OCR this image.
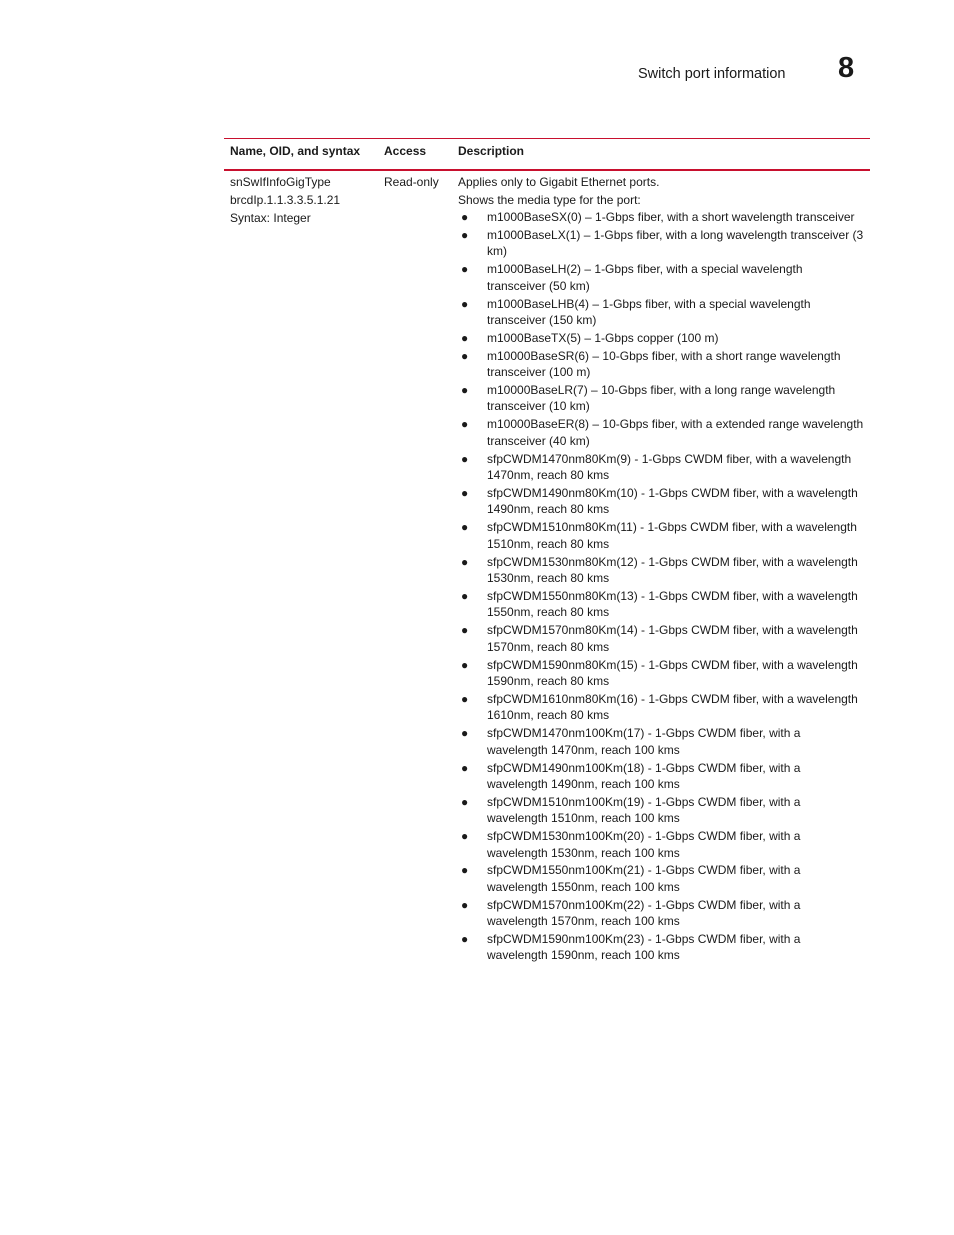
Switch port information 8
Name, OID, and syntax Access	Description
snSwIfInfoGigType
brcdIp.1.1.3.3.5.1.21
Syntax: Integer
Read-only	Applies only to Gigabit Ethernet ports.
Shows the media type for the port:
● m1000BaseSX(0) – 1-Gbps fiber, with a short wavelength transceiver
● m1000BaseLX(1) – 1-Gbps fiber, with a long wavelength transceiver (3 km)
● m1000BaseLH(2) – 1-Gbps fiber, with a special wavelength transceiver (50 km)
● m1000BaseLHB(4) – 1-Gbps fiber, with a special wavelength transceiver (150 km)
● m1000BaseTX(5) – 1-Gbps copper (100 m)
● m10000BaseSR(6) – 10-Gbps fiber, with a short range wavelength transceiver (100 m)
● m10000BaseLR(7) – 10-Gbps fiber, with a long range wavelength transceiver (10 km)
● m10000BaseER(8) – 10-Gbps fiber, with a extended range wavelength transceiver (40 km)
● sfpCWDM1470nm80Km(9) - 1-Gbps CWDM fiber, with a wavelength 1470nm, reach 80 kms
● sfpCWDM1490nm80Km(10) - 1-Gbps CWDM fiber, with a wavelength 1490nm, reach 80 kms
● sfpCWDM1510nm80Km(11) - 1-Gbps CWDM fiber, with a wavelength 1510nm, reach 80 kms
● sfpCWDM1530nm80Km(12) - 1-Gbps CWDM fiber, with a wavelength 1530nm, reach 80 kms
● sfpCWDM1550nm80Km(13) - 1-Gbps CWDM fiber, with a wavelength 1550nm, reach 80 kms
● sfpCWDM1570nm80Km(14) - 1-Gbps CWDM fiber, with a wavelength 1570nm, reach 80 kms
● sfpCWDM1590nm80Km(15) - 1-Gbps CWDM fiber, with a wavelength 1590nm, reach 80 kms
● sfpCWDM1610nm80Km(16) - 1-Gbps CWDM fiber, with a wavelength 1610nm, reach 80 kms
● sfpCWDM1470nm100Km(17) - 1-Gbps CWDM fiber, with a wavelength 1470nm, reach 100 kms
● sfpCWDM1490nm100Km(18) - 1-Gbps CWDM fiber, with a wavelength 1490nm, reach 100 kms
● sfpCWDM1510nm100Km(19) - 1-Gbps CWDM fiber, with a wavelength 1510nm, reach 100 kms
● sfpCWDM1530nm100Km(20) - 1-Gbps CWDM fiber, with a wavelength 1530nm, reach 100 kms
● sfpCWDM1550nm100Km(21) - 1-Gbps CWDM fiber, with a wavelength 1550nm, reach 100 kms
● sfpCWDM1570nm100Km(22) - 1-Gbps CWDM fiber, with a wavelength 1570nm, reach 100 kms
● sfpCWDM1590nm100Km(23) - 1-Gbps CWDM fiber, with a wavelength 1590nm, reach 100 kms
